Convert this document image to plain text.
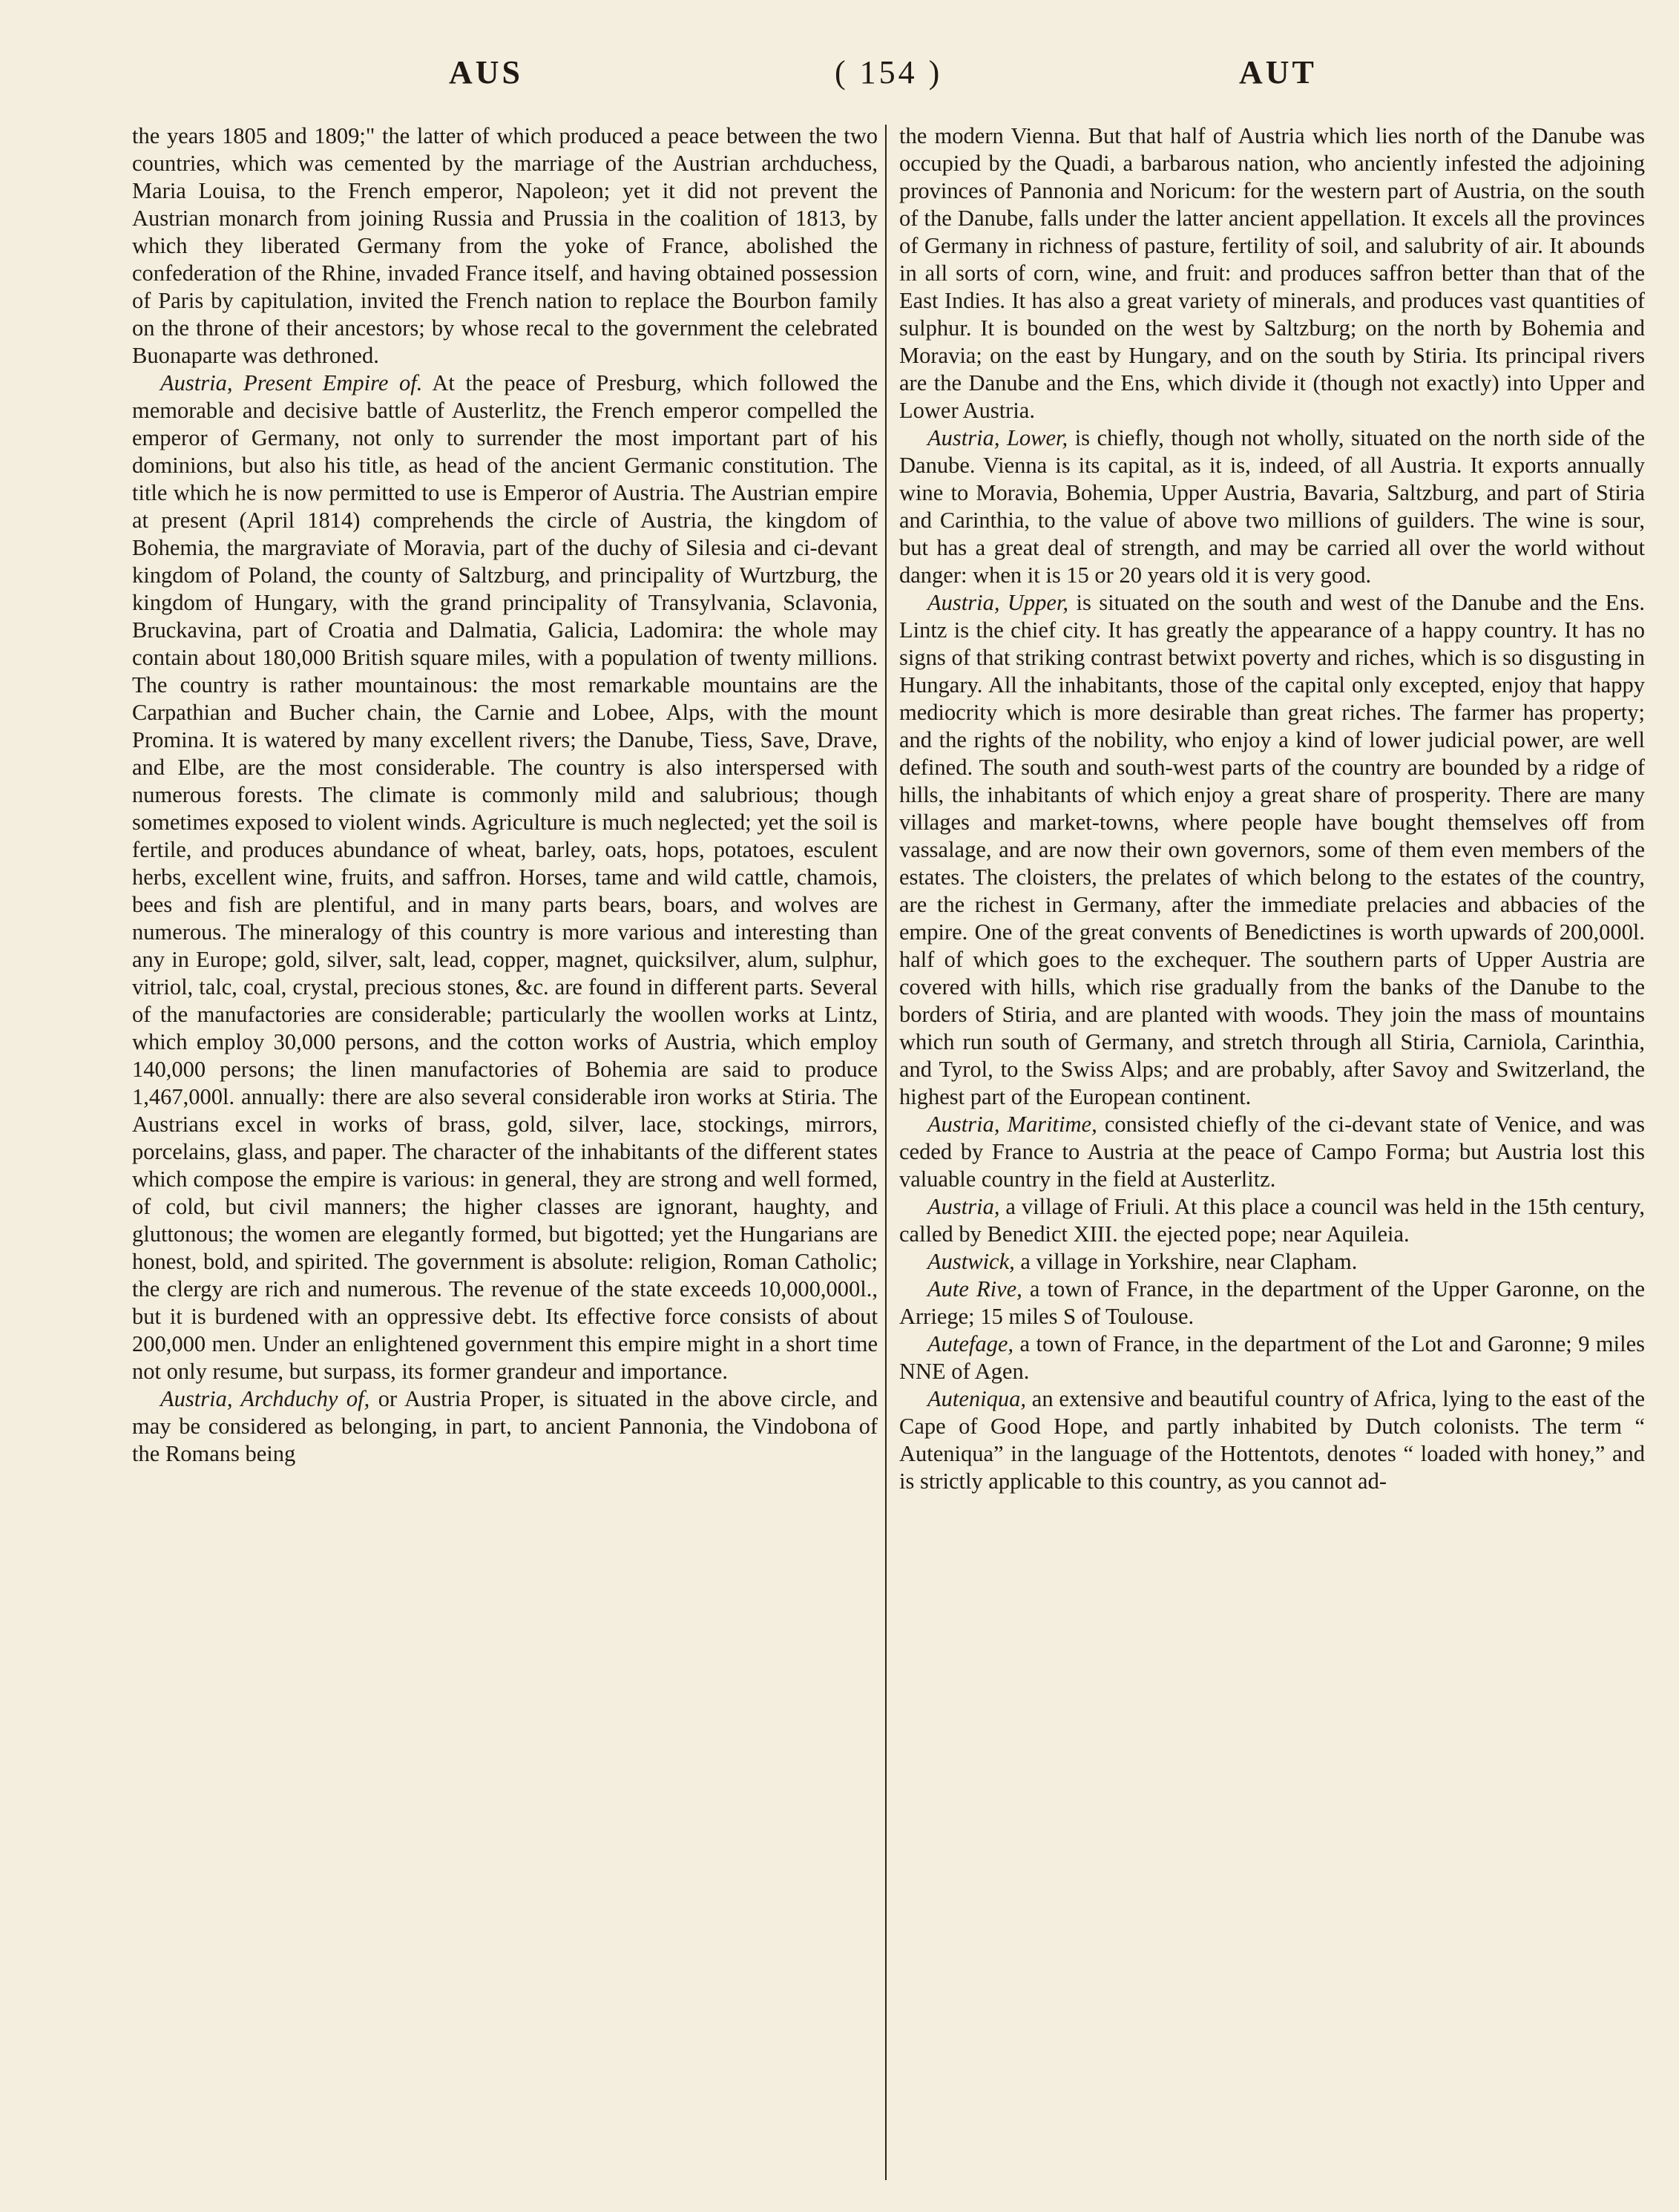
AUS	( 154 )	AUT

the years 1805 and 1809;" the latter of which produced a peace between the two countries, which was cemented by the marriage of the Austrian archduchess, Maria Louisa, to the French emperor, Napoleon; yet it did not prevent the Austrian monarch from joining Russia and Prussia in the coalition of 1813, by which they liberated Germany from the yoke of France, abolished the confederation of the Rhine, invaded France itself, and having obtained possession of Paris by capitulation, invited the French nation to replace the Bourbon family on the throne of their ancestors; by whose recal to the government the celebrated Buonaparte was dethroned.

Austria, Present Empire of. At the peace of Presburg, which followed the memorable and decisive battle of Austerlitz, the French emperor compelled the emperor of Germany, not only to surrender the most important part of his dominions, but also his title, as head of the ancient Germanic constitution. The title which he is now permitted to use is Emperor of Austria. The Austrian empire at present (April 1814) comprehends the circle of Austria, the kingdom of Bohemia, the margraviate of Moravia, part of the duchy of Silesia and ci-devant kingdom of Poland, the county of Saltzburg, and principality of Wurtzburg, the kingdom of Hungary, with the grand principality of Transylvania, Sclavonia, Bruckavina, part of Croatia and Dalmatia, Galicia, Ladomira: the whole may contain about 180,000 British square miles, with a population of twenty millions. The country is rather mountainous: the most remarkable mountains are the Carpathian and Bucher chain, the Carnie and Lobee, Alps, with the mount Promina. It is watered by many excellent rivers; the Danube, Tiess, Save, Drave, and Elbe, are the most considerable. The country is also interspersed with numerous forests. The climate is commonly mild and salubrious; though sometimes exposed to violent winds. Agriculture is much neglected; yet the soil is fertile, and produces abundance of wheat, barley, oats, hops, potatoes, esculent herbs, excellent wine, fruits, and saffron. Horses, tame and wild cattle, chamois, bees and fish are plentiful, and in many parts bears, boars, and wolves are numerous. The mineralogy of this country is more various and interesting than any in Europe; gold, silver, salt, lead, copper, magnet, quicksilver, alum, sulphur, vitriol, talc, coal, crystal, precious stones, &c. are found in different parts. Several of the manufactories are considerable; particularly the woollen works at Lintz, which employ 30,000 persons, and the cotton works of Austria, which employ 140,000 persons; the linen manufactories of Bohemia are said to produce 1,467,000l. annually: there are also several considerable iron works at Stiria. The Austrians excel in works of brass, gold, silver, lace, stockings, mirrors, porcelains, glass, and paper. The character of the inhabitants of the different states which compose the empire is various: in general, they are strong and well formed, of cold, but civil manners; the higher classes are ignorant, haughty, and gluttonous; the women are elegantly formed, but bigotted; yet the Hungarians are honest, bold, and spirited. The government is absolute: religion, Roman Catholic; the clergy are rich and numerous. The revenue of the state exceeds 10,000,000l., but it is burdened with an oppressive debt. Its effective force consists of about 200,000 men. Under an enlightened government this empire might in a short time not only resume, but surpass, its former grandeur and importance.

Austria, Archduchy of, or Austria Proper, is situated in the above circle, and may be considered as belonging, in part, to ancient Pannonia, the Vindobona of the Romans being

the modern Vienna. But that half of Austria which lies north of the Danube was occupied by the Quadi, a barbarous nation, who anciently infested the adjoining provinces of Pannonia and Noricum: for the western part of Austria, on the south of the Danube, falls under the latter ancient appellation. It excels all the provinces of Germany in richness of pasture, fertility of soil, and salubrity of air. It abounds in all sorts of corn, wine, and fruit: and produces saffron better than that of the East Indies. It has also a great variety of minerals, and produces vast quantities of sulphur. It is bounded on the west by Saltzburg; on the north by Bohemia and Moravia; on the east by Hungary, and on the south by Stiria. Its principal rivers are the Danube and the Ens, which divide it (though not exactly) into Upper and Lower Austria.

Austria, Lower, is chiefly, though not wholly, situated on the north side of the Danube. Vienna is its capital, as it is, indeed, of all Austria. It exports annually wine to Moravia, Bohemia, Upper Austria, Bavaria, Saltzburg, and part of Stiria and Carinthia, to the value of above two millions of guilders. The wine is sour, but has a great deal of strength, and may be carried all over the world without danger: when it is 15 or 20 years old it is very good.

Austria, Upper, is situated on the south and west of the Danube and the Ens. Lintz is the chief city. It has greatly the appearance of a happy country. It has no signs of that striking contrast betwixt poverty and riches, which is so disgusting in Hungary. All the inhabitants, those of the capital only excepted, enjoy that happy mediocrity which is more desirable than great riches. The farmer has property; and the rights of the nobility, who enjoy a kind of lower judicial power, are well defined. The south and south-west parts of the country are bounded by a ridge of hills, the inhabitants of which enjoy a great share of prosperity. There are many villages and market-towns, where people have bought themselves off from vassalage, and are now their own governors, some of them even members of the estates. The cloisters, the prelates of which belong to the estates of the country, are the richest in Germany, after the immediate prelacies and abbacies of the empire. One of the great convents of Benedictines is worth upwards of 200,000l. half of which goes to the exchequer. The southern parts of Upper Austria are covered with hills, which rise gradually from the banks of the Danube to the borders of Stiria, and are planted with woods. They join the mass of mountains which run south of Germany, and stretch through all Stiria, Carniola, Carinthia, and Tyrol, to the Swiss Alps; and are probably, after Savoy and Switzerland, the highest part of the European continent.

Austria, Maritime, consisted chiefly of the ci-devant state of Venice, and was ceded by France to Austria at the peace of Campo Forma; but Austria lost this valuable country in the field at Austerlitz.

Austria, a village of Friuli. At this place a council was held in the 15th century, called by Benedict XIII. the ejected pope; near Aquileia.

Austwick, a village in Yorkshire, near Clapham.

Aute Rive, a town of France, in the department of the Upper Garonne, on the Arriege; 15 miles S of Toulouse.

Autefage, a town of France, in the department of the Lot and Garonne; 9 miles NNE of Agen.

Auteniqua, an extensive and beautiful country of Africa, lying to the east of the Cape of Good Hope, and partly inhabited by Dutch colonists. The term “ Auteniqua” in the language of the Hottentots, denotes “ loaded with honey,” and is strictly applicable to this country, as you cannot ad-
